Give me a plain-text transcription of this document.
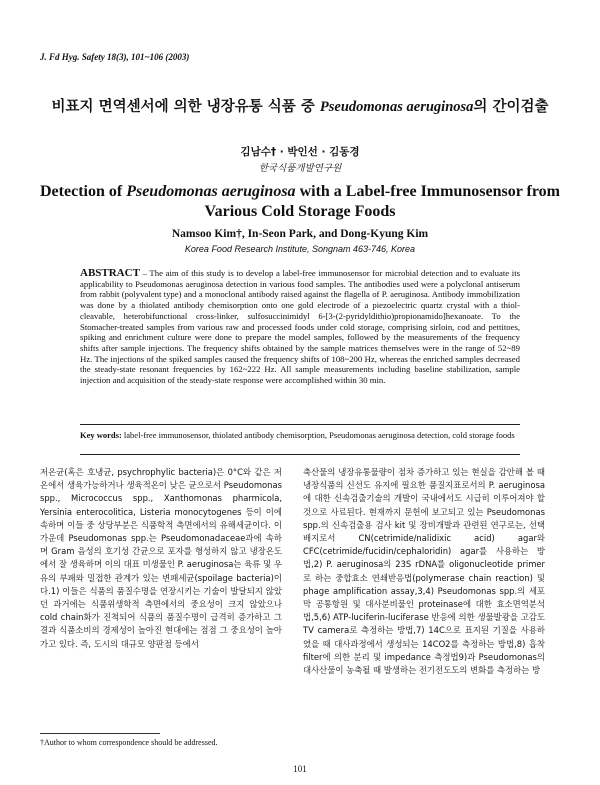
J. Fd Hyg. Safety 18(3), 101~106 (2003)
비표지 면역센서에 의한 냉장유통 식품 중 Pseudomonas aeruginosa의 간이검출
김남수† · 박인선 · 김동경
한국식품개발연구원
Detection of Pseudomonas aeruginosa with a Label-free Immunosensor from Various Cold Storage Foods
Namsoo Kim†, In-Seon Park, and Dong-Kyung Kim
Korea Food Research Institute, Songnam 463-746, Korea
ABSTRACT – The aim of this study is to develop a label-free immunosensor for microbial detection and to evaluate its applicability to Pseudomonas aeruginosa detection in various food samples. The antibodies used were a polyclonal antiserum from rabbit (polyvalent type) and a monoclonal antibody raised against the flagella of P. aeruginosa. Antibody immobilization was done by a thiolated antibody chemisorption onto one gold electrode of a piezoelectric quartz crystal with a thiol-cleavable, heterobifunctional cross-linker, sulfosuccinimidyl 6-[3-(2-pyridyldithio)propionamido]hexanoate. To the Stomacher-treated samples from various raw and processed foods under cold storage, comprising sirloin, cod and pettitoes, spiking and enrichment culture were done to prepare the model samples, followed by the measurements of the frequency shifts after sample injections. The frequency shifts obtained by the sample matrices themselves were in the range of 52~89 Hz. The injections of the spiked samples caused the frequency shifts of 108~200 Hz, whereas the enriched samples decreased the steady-state resonant frequencies by 162~222 Hz. All sample measurements including baseline stabilization, sample injection and acquisition of the steady-state response were accomplished within 30 min.
Key words: label-free immunosensor, thiolated antibody chemisorption, Pseudomonas aeruginosa detection, cold storage foods
저온균(혹은 호냉균, psychrophylic bacteria)은 0°C와 같은 저온에서 생육가능하거나 생육적온이 낮은 균으로서 Pseudomonas spp., Micrococcus spp., Xanthomonas pharmicola, Yersinia enterocolitica, Listeria monocytogenes 등이 이에 속하며 이들 중 상당부분은 식품학적 측면에서의 유해세균이다. 이 가운데 Pseudomonas spp.는 Pseudomonadaceae과에 속하며 Gram 음성의 호기성 간균으로 포자를 형성하지 않고 냉장온도에서 잘 생육하며 이의 대표 미생물인 P. aeruginosa는 육류 및 우유의 부패와 밀접한 관계가 있는 변패세균(spoilage bacteria)이다.1) 이들은 식품의 품질수명을 연장시키는 기술이 발달되지 않았던 과거에는 식품위생학적 측면에서의 중요성이 크지 않았으나 cold chain화가 진척되어 식품의 품질수명이 급격히 증가하고 그 결과 식품소비의 경제성이 높아진 현대에는 점점 그 중요성이 높아가고 있다. 즉, 도시의 대규모 양판점 등에서
축산물의 냉장유통물량이 점차 증가하고 있는 현실을 감안해 볼 때 냉장식품의 신선도 유지에 필요한 품질지표로서의 P. aeruginosa에 대한 신속검출기술의 개발이 국내에서도 시급히 이루어져야 할 것으로 사료된다. 현재까지 문헌에 보고되고 있는 Pseudomonas spp.의 신속검출용 검사 kit 및 장비개발과 관련된 연구로는, 선택배지로서 CN(cetrimide/nalidixic acid) agar와 CFC(cetrimide/fucidin/cephaloridin) agar를 사용하는 방법,2) P. aeruginosa의 23S rDNA를 oligonucleotide primer로 하는 중합효소 연쇄반응법(polymerase chain reaction) 및 phage amplification assay,3,4) Pseudomonas spp.의 세포막 공통항원 및 대사분비물인 proteinase에 대한 효소면역분석법,5,6) ATP-luciferin-luciferase 반응에 의한 생물발광을 고감도 TV camera로 측정하는 방법,7) 14C으로 표지된 기질을 사용하였을 때 대사과정에서 생성되는 14CO2를 측정하는 방법,8) 흡착 filter에 의한 분리 및 impedance 측정법9)과 Pseudomonas의 대사산물이 농축될 때 발생하는 전기전도도의 변화를 측정하는 방
†Author to whom correspondence should be addressed.
101
